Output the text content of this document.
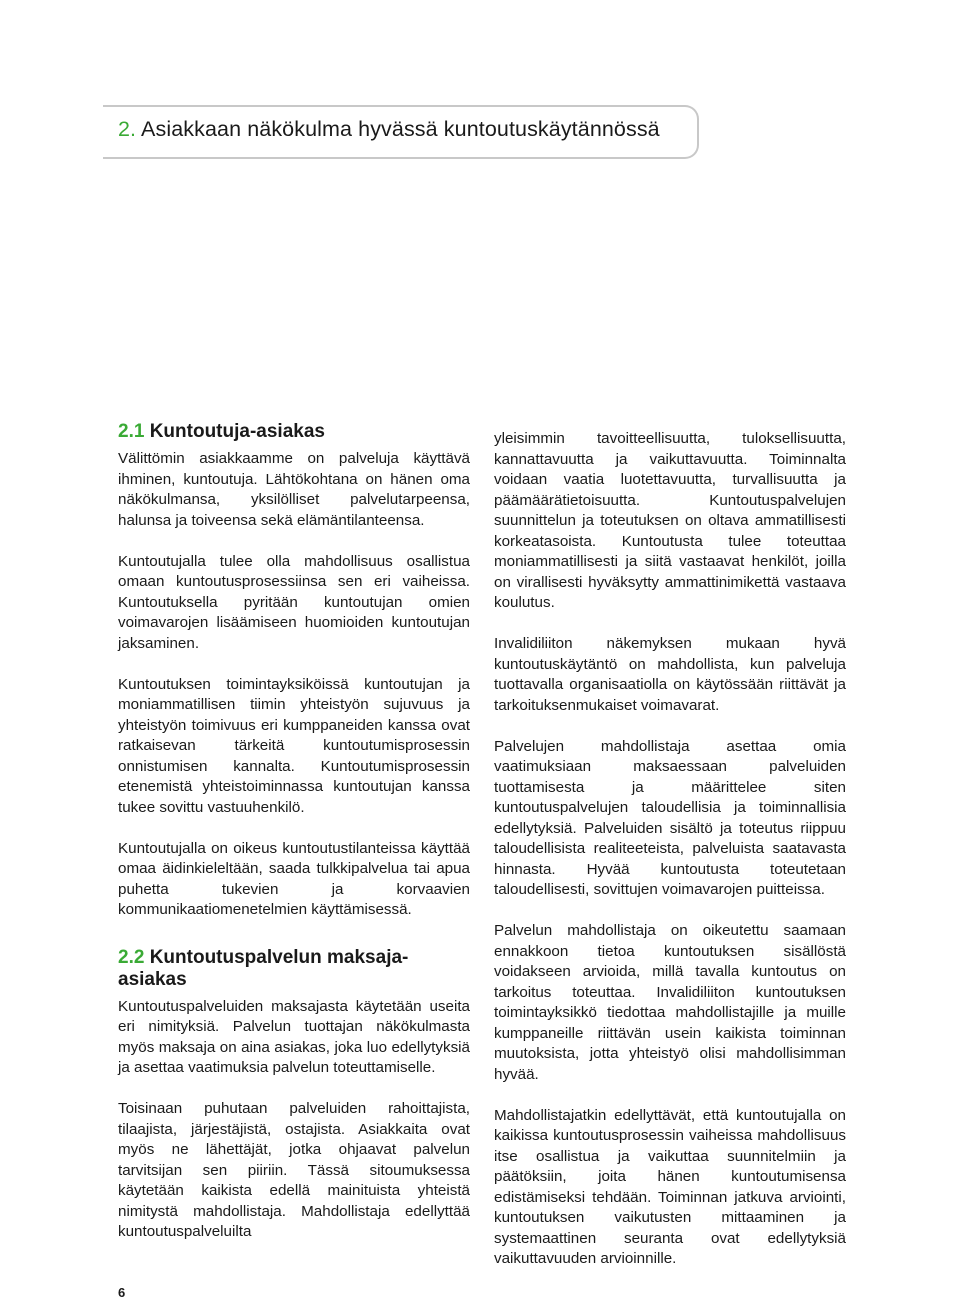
2. Asiakkaan näkökulma hyvässä kuntoutuskäytännössä
2.1 Kuntoutuja-asiakas

Välittömin asiakkaamme on palveluja käyttävä ihminen, kuntoutuja. Lähtökohtana on hänen oma näkökulmansa, yksilölliset palvelutarpeensa, halunsa ja toiveensa sekä elämäntilanteensa.

Kuntoutujalla tulee olla mahdollisuus osallistua omaan kuntoutusprosessiinsa sen eri vaiheissa. Kuntoutuksella pyritään kuntoutujan omien voimavarojen lisäämiseen huomioiden kuntoutujan jaksaminen.

Kuntoutuksen toimintayksiköissä kuntoutujan ja moniammatillisen tiimin yhteistyön sujuvuus ja yhteistyön toimivuus eri kumppaneiden kanssa ovat ratkaisevan tärkeitä kuntoutumisprosessin onnistumisen kannalta. Kuntoutumisprosessin etenemistä yhteistoiminnassa kuntoutujan kanssa tukee sovittu vastuuhenkilö.

Kuntoutujalla on oikeus kuntoutustilanteissa käyttää omaa äidinkieleltään, saada tulkkipalvelua tai apua puhetta tukevien ja korvaavien kommunikaatiomenetelmien käyttämisessä.

2.2 Kuntoutuspalvelun maksaja-asiakas

Kuntoutuspalveluiden maksajasta käytetään useita eri nimityksiä. Palvelun tuottajan näkökulmasta myös maksaja on aina asiakas, joka luo edellytyksiä ja asettaa vaatimuksia palvelun toteuttamiselle.

Toisinaan puhutaan palveluiden rahoittajista, tilaajista, järjestäjistä, ostajista. Asiakkaita ovat myös ne lähettäjät, jotka ohjaavat palvelun tarvitsijan sen piiriin. Tässä sitoumuksessa käytetään kaikista edellä mainituista yhteistä nimitystä mahdollistaja. Mahdollistaja edellyttää kuntoutuspalveluilta

yleisimmin tavoitteellisuutta, tuloksellisuutta, kannattavuutta ja vaikuttavuutta. Toiminnalta voidaan vaatia luotettavuutta, turvallisuutta ja päämäärätietoisuutta. Kuntoutuspalvelujen suunnittelun ja toteutuksen on oltava ammatillisesti korkeatasoista. Kuntoutusta tulee toteuttaa moniammatillisesti ja siitä vastaavat henkilöt, joilla on virallisesti hyväksytty ammattinimikettä vastaava koulutus.

Invalidiliiton näkemyksen mukaan hyvä kuntoutuskäytäntö on mahdollista, kun palveluja tuottavalla organisaatiolla on käytössään riittävät ja tarkoituksenmukaiset voimavarat.

Palvelujen mahdollistaja asettaa omia vaatimuksiaan maksaessaan palveluiden tuottamisesta ja määrittelee siten kuntoutuspalvelujen taloudellisia ja toiminnallisia edellytyksiä. Palveluiden sisältö ja toteutus riippuu taloudellisista realiteeteista, palveluista saatavasta hinnasta. Hyvää kuntoutusta toteutetaan taloudellisesti, sovittujen voimavarojen puitteissa.

Palvelun mahdollistaja on oikeutettu saamaan ennakkoon tietoa kuntoutuksen sisällöstä voidakseen arvioida, millä tavalla kuntoutus on tarkoitus toteuttaa. Invalidiliiton kuntoutuksen toimintayksikkö tiedottaa mahdollistajille ja muille kumppaneille riittävän usein kaikista toiminnan muutoksista, jotta yhteistyö olisi mahdollisimman hyvää.

Mahdollistajatkin edellyttävät, että kuntoutujalla on kaikissa kuntoutusprosessin vaiheissa mahdollisuus itse osallistua ja vaikuttaa suunnitelmiin ja päätöksiin, joita hänen kuntoutumisensa edistämiseksi tehdään. Toiminnan jatkuva arviointi, kuntoutuksen vaikutusten mittaaminen ja systemaattinen seuranta ovat edellytyksiä vaikuttavuuden arvioinnille.

6
